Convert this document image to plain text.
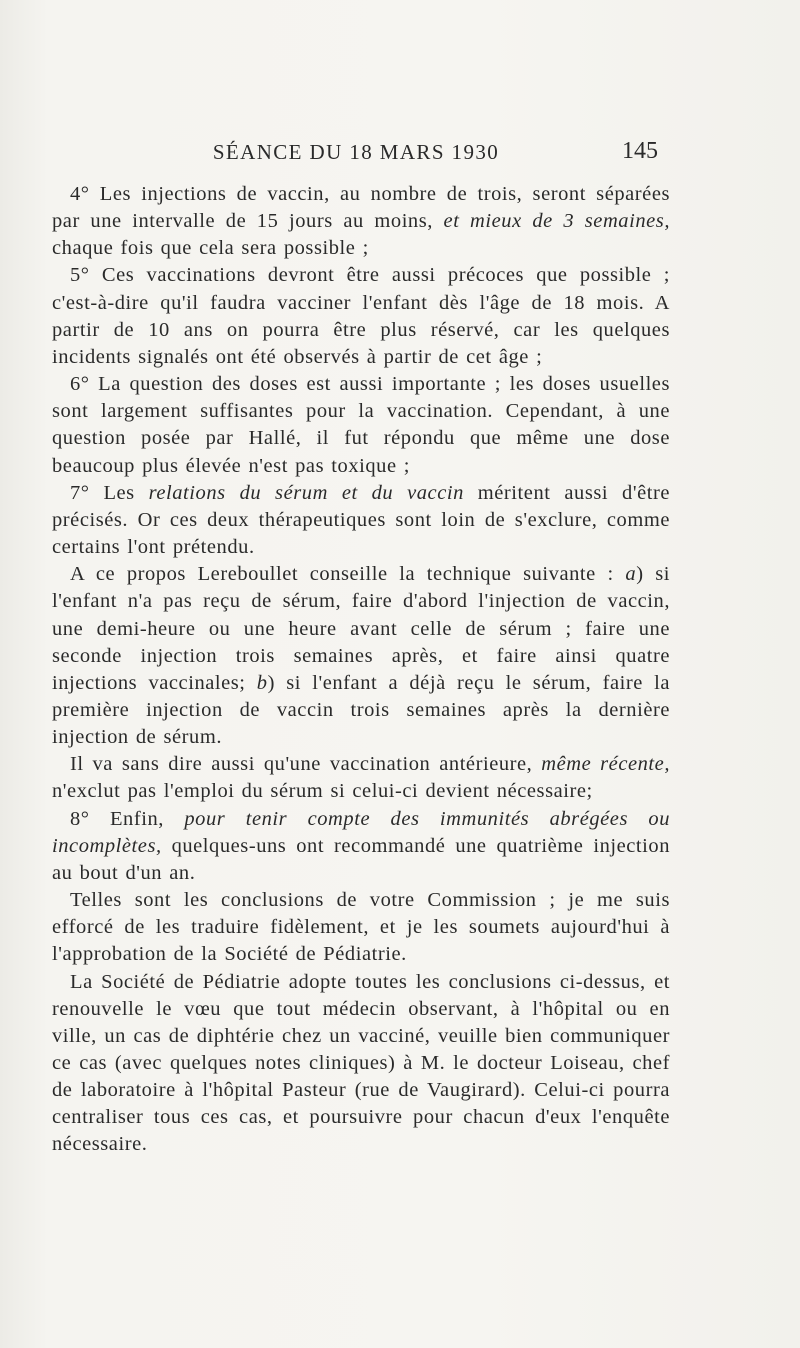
SÉANCE DU 18 MARS 1930	145

4° Les injections de vaccin, au nombre de trois, seront séparées par une intervalle de 15 jours au moins, et mieux de 3 semaines, chaque fois que cela sera possible ;

5° Ces vaccinations devront être aussi précoces que possible ; c'est-à-dire qu'il faudra vacciner l'enfant dès l'âge de 18 mois. A partir de 10 ans on pourra être plus réservé, car les quelques incidents signalés ont été observés à partir de cet âge ;

6° La question des doses est aussi importante ; les doses usuelles sont largement suffisantes pour la vaccination. Cependant, à une question posée par Hallé, il fut répondu que même une dose beaucoup plus élevée n'est pas toxique ;

7° Les relations du sérum et du vaccin méritent aussi d'être précisés. Or ces deux thérapeutiques sont loin de s'exclure, comme certains l'ont prétendu.

A ce propos Lereboullet conseille la technique suivante : a) si l'enfant n'a pas reçu de sérum, faire d'abord l'injection de vaccin, une demi-heure ou une heure avant celle de sérum ; faire une seconde injection trois semaines après, et faire ainsi quatre injections vaccinales; b) si l'enfant a déjà reçu le sérum, faire la première injection de vaccin trois semaines après la dernière injection de sérum.

Il va sans dire aussi qu'une vaccination antérieure, même récente, n'exclut pas l'emploi du sérum si celui-ci devient nécessaire;

8° Enfin, pour tenir compte des immunités abrégées ou incomplètes, quelques-uns ont recommandé une quatrième injection au bout d'un an.

Telles sont les conclusions de votre Commission ; je me suis efforcé de les traduire fidèlement, et je les soumets aujourd'hui à l'approbation de la Société de Pédiatrie.

La Société de Pédiatrie adopte toutes les conclusions ci-dessus, et renouvelle le vœu que tout médecin observant, à l'hôpital ou en ville, un cas de diphtérie chez un vacciné, veuille bien communiquer ce cas (avec quelques notes cliniques) à M. le docteur Loiseau, chef de laboratoire à l'hôpital Pasteur (rue de Vaugirard). Celui-ci pourra centraliser tous ces cas, et poursuivre pour chacun d'eux l'enquête nécessaire.
